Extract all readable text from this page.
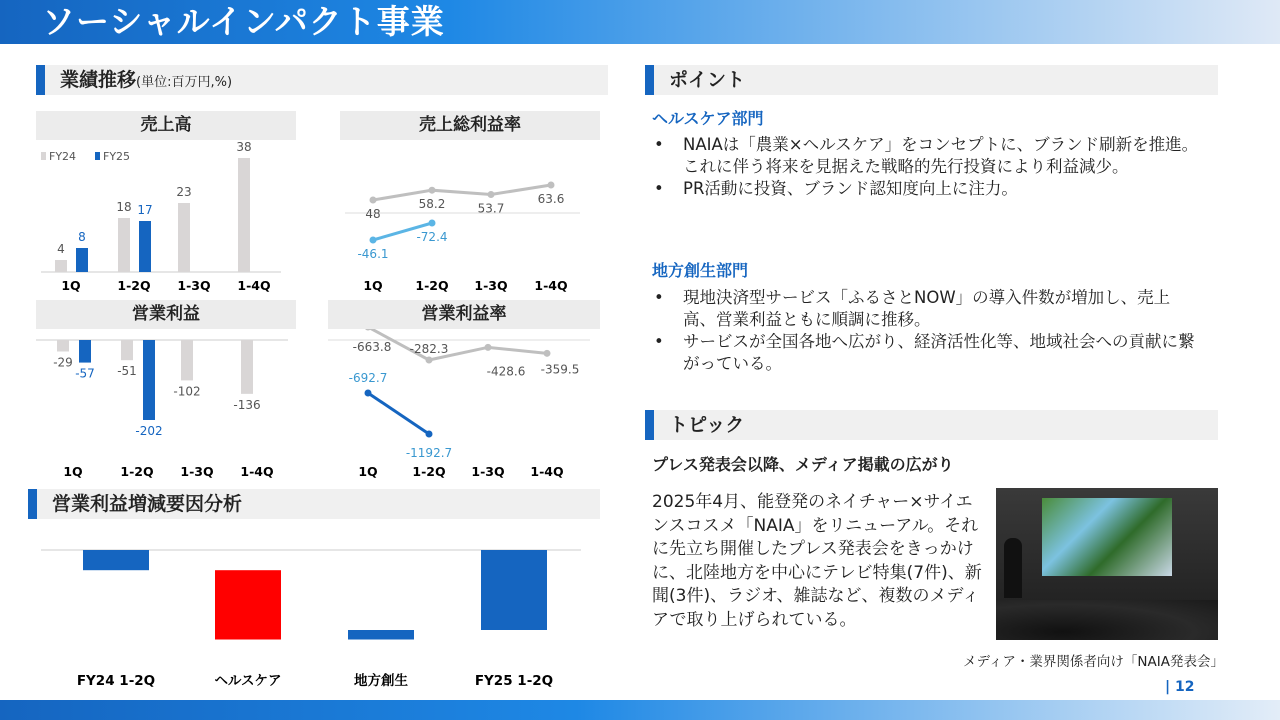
ソーシャルインパクト事業
| 12
業績推移(単位:百万円,%)
売上高	売上総利益率
営業利益	営業利益率
FY24 FY25
1Q
4
8
1-2Q
18 17
1-3Q
23
1-4Q
38
48
58.2	53.7
63.6
-46.1
-72.4
1Q	1-2Q 1-3Q 1-4Q
-29
-51
-102
-136
-57
-202
1Q	1-2Q 1-3Q 1-4Q
-663.8 -282.3
-428.6 -359.5
-692.7
-1192.7
1Q	1-2Q 1-3Q 1-4Q
営業利益増減要因分析
FY24 1-2Q	ヘルスケア	地方創生	FY25 1-2Q
ポイント
ヘルスケア部門
• NAIAは「農業×ヘルスケア」をコンセプトに、ブランド刷新を推進。これに伴う将来を見据えた戦略的先行投資により利益減少。
• PR活動に投資、ブランド認知度向上に注力。
地方創生部門
• 現地決済型サービス「ふるさとNOW」の導入件数が増加し、売上高、営業利益ともに順調に推移。
• サービスが全国各地へ広がり、経済活性化等、地域社会への貢献に繋がっている。
トピック
プレス発表会以降、メディア掲載の広がり
2025年4月、能登発のネイチャー×サイエンスコスメ「NAIA」をリニューアル。それに先立ち開催したプレス発表会をきっかけに、北陸地方を中心にテレビ特集(7件)、新聞(3件)、ラジオ、雑誌など、複数のメディアで取り上げられている。
メディア・業界関係者向け「NAIA発表会」
